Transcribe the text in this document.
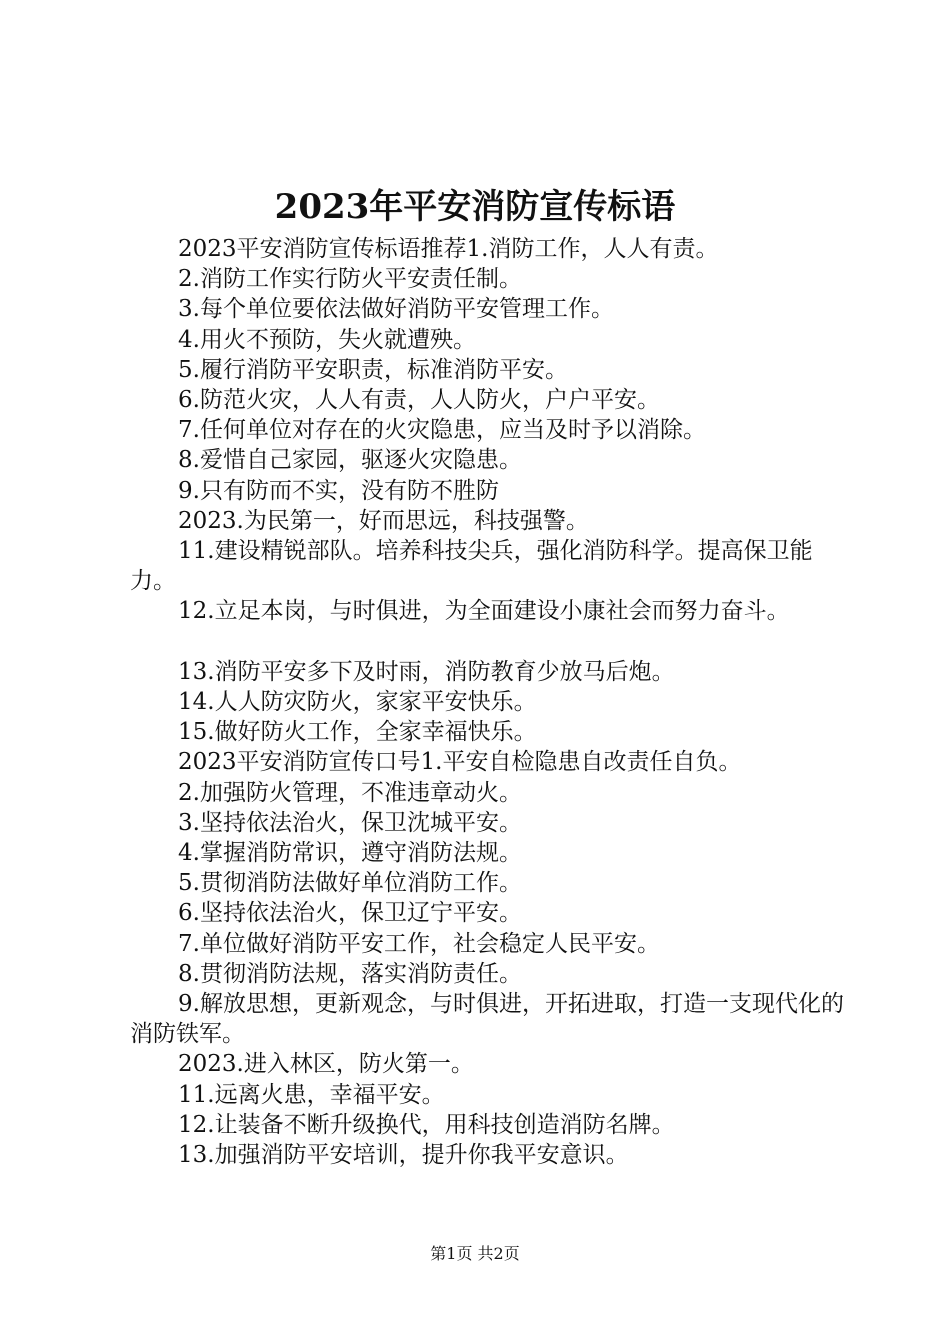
2023年平安消防宣传标语

2023平安消防宣传标语推荐1.消防工作，人人有责。

2.消防工作实行防火平安责任制。

3.每个单位要依法做好消防平安管理工作。

4.用火不预防，失火就遭殃。

5.履行消防平安职责，标准消防平安。

6.防范火灾，人人有责，人人防火，户户平安。

7.任何单位对存在的火灾隐患，应当及时予以消除。

8.爱惜自己家园，驱逐火灾隐患。

9.只有防而不实，没有防不胜防

2023.为民第一，好而思远，科技强警。

11.建设精锐部队。培养科技尖兵，强化消防科学。提高保卫能力。

12.立足本岗，与时俱进，为全面建设小康社会而努力奋斗。

13.消防平安多下及时雨，消防教育少放马后炮。

14.人人防灾防火，家家平安快乐。

15.做好防火工作，全家幸福快乐。

2023平安消防宣传口号1.平安自检隐患自改责任自负。

2.加强防火管理，不准违章动火。

3.坚持依法治火，保卫沈城平安。

4.掌握消防常识，遵守消防法规。

5.贯彻消防法做好单位消防工作。

6.坚持依法治火，保卫辽宁平安。

7.单位做好消防平安工作，社会稳定人民平安。

8.贯彻消防法规，落实消防责任。

9.解放思想，更新观念，与时俱进，开拓进取，打造一支现代化的消防铁军。

2023.进入林区，防火第一。

11.远离火患，幸福平安。

12.让装备不断升级换代，用科技创造消防名牌。

13.加强消防平安培训，提升你我平安意识。

第1页 共2页
